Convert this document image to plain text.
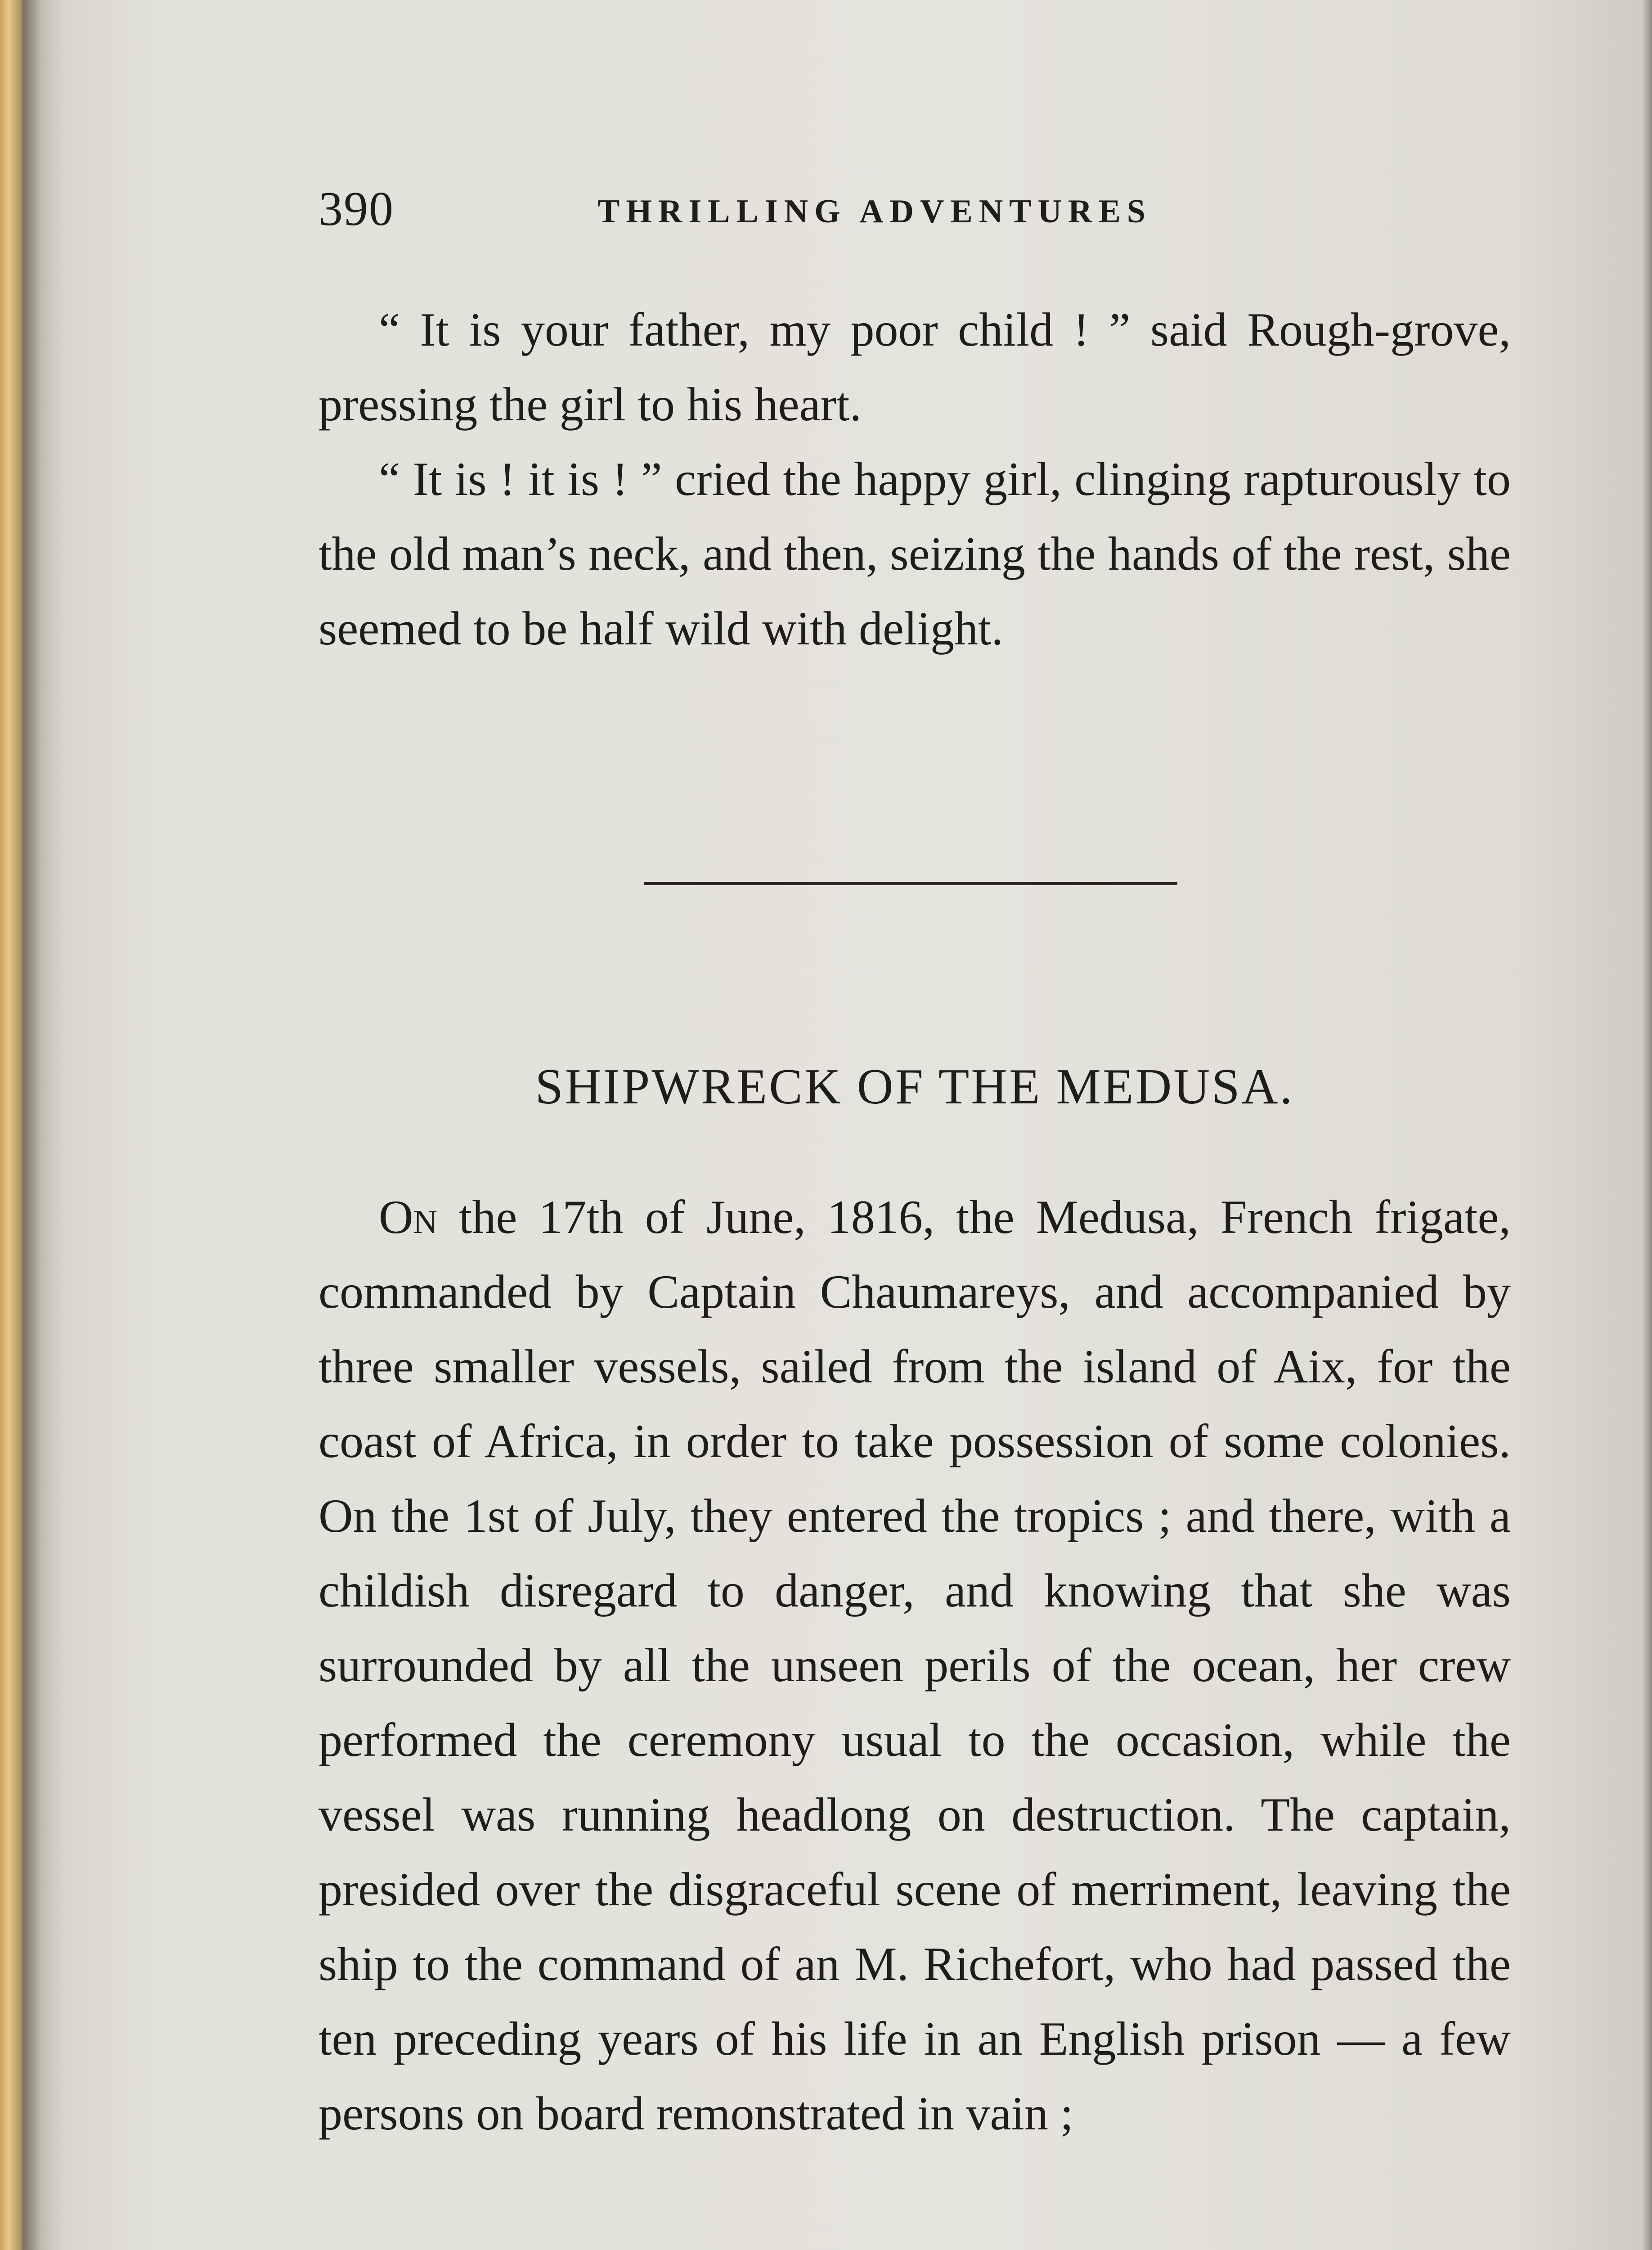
390	THRILLING ADVENTURES

“ It is your father, my poor child ! ” said Rough-grove, pressing the girl to his heart.

“ It is ! it is ! ” cried the happy girl, clinging rapturously to the old man’s neck, and then, seizing the hands of the rest, she seemed to be half wild with delight.

SHIPWRECK OF THE MEDUSA.

On the 17th of June, 1816, the Medusa, French frigate, commanded by Captain Chaumareys, and accompanied by three smaller vessels, sailed from the island of Aix, for the coast of Africa, in order to take possession of some colonies. On the 1st of July, they entered the tropics ; and there, with a childish disregard to danger, and knowing that she was surrounded by all the unseen perils of the ocean, her crew performed the ceremony usual to the occasion, while the vessel was running headlong on destruction. The captain, presided over the disgraceful scene of merriment, leaving the ship to the command of an M. Richefort, who had passed the ten preceding years of his life in an English prison — a few persons on board remonstrated in vain ;
